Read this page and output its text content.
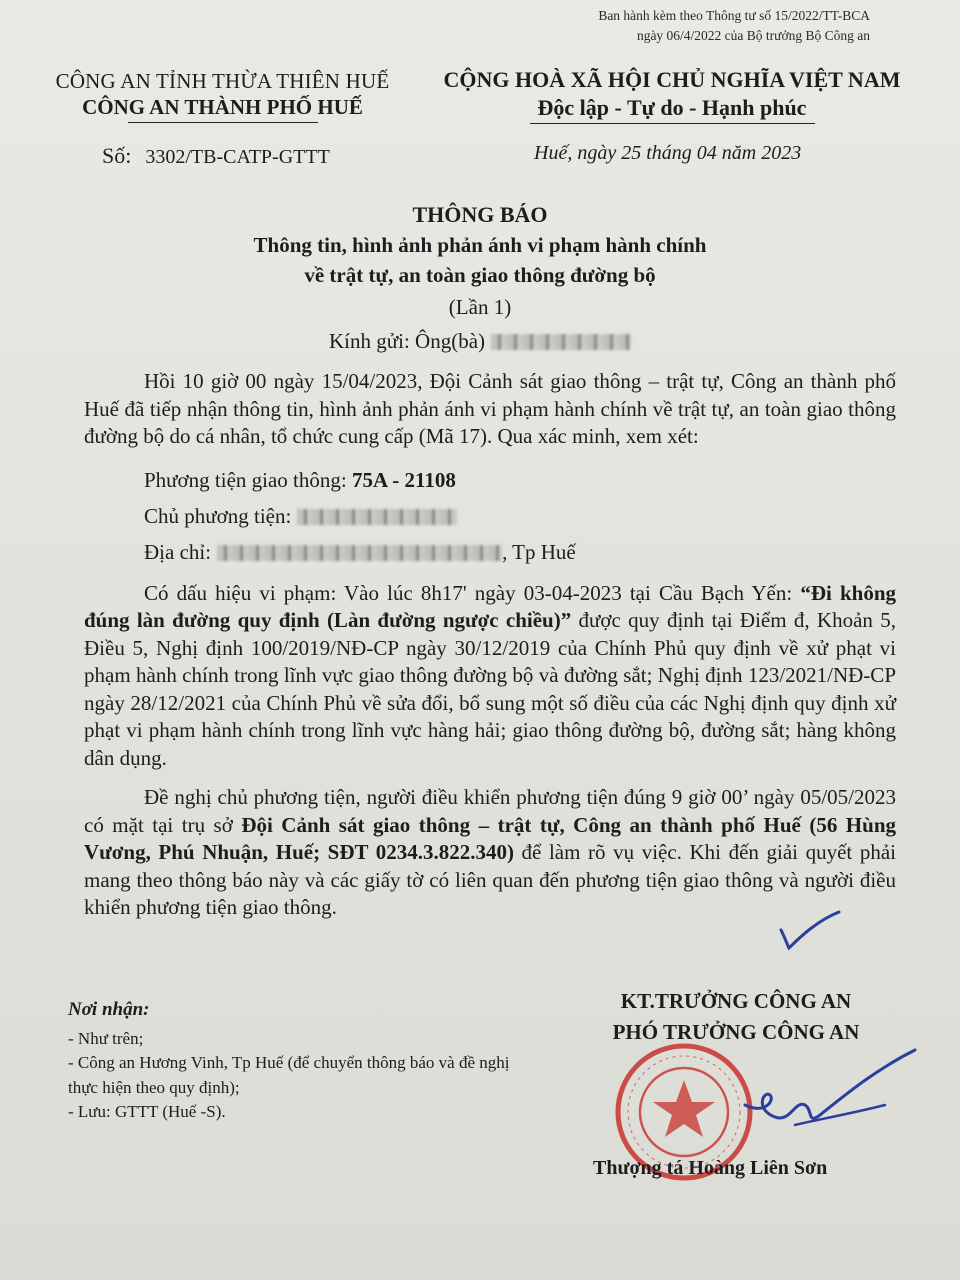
Ban hành kèm theo Thông tư số 15/2022/TT-BCA
ngày 06/4/2022 của Bộ trưởng Bộ Công an
CÔNG AN TỈNH THỪA THIÊN HUẾ
CÔNG AN THÀNH PHỐ HUẾ
CỘNG HOÀ XÃ HỘI CHỦ NGHĨA VIỆT NAM
Độc lập - Tự do - Hạnh phúc
Số: 3302/TB-CATP-GTTT	Huế, ngày 25 tháng 04 năm 2023
THÔNG BÁO
Thông tin, hình ảnh phản ánh vi phạm hành chính
về trật tự, an toàn giao thông đường bộ
(Lần 1)
Kính gửi: Ông(bà)

Hồi 10 giờ 00 ngày 15/04/2023, Đội Cảnh sát giao thông – trật tự, Công an thành phố Huế đã tiếp nhận thông tin, hình ảnh phản ánh vi phạm hành chính về trật tự, an toàn giao thông đường bộ do cá nhân, tổ chức cung cấp (Mã 17). Qua xác minh, xem xét:

Phương tiện giao thông: 75A - 21108

Chủ phương tiện:

Địa chỉ:	, Tp Huế

Có dấu hiệu vi phạm: Vào lúc 8h17' ngày 03-04-2023 tại Cầu Bạch Yến: “Đi không đúng làn đường quy định (Làn đường ngược chiều)” được quy định tại Điểm đ, Khoản 5, Điều 5, Nghị định 100/2019/NĐ-CP ngày 30/12/2019 của Chính Phủ quy định về xử phạt vi phạm hành chính trong lĩnh vực giao thông đường bộ và đường sắt; Nghị định 123/2021/NĐ-CP ngày 28/12/2021 của Chính Phủ về sửa đổi, bổ sung một số điều của các Nghị định quy định xử phạt vi phạm hành chính trong lĩnh vực hàng hải; giao thông đường bộ, đường sắt; hàng không dân dụng.

Đề nghị chủ phương tiện, người điều khiển phương tiện đúng 9 giờ 00’ ngày 05/05/2023 có mặt tại trụ sở Đội Cảnh sát giao thông – trật tự, Công an thành phố Huế (56 Hùng Vương, Phú Nhuận, Huế; SĐT 0234.3.822.340) để làm rõ vụ việc. Khi đến giải quyết phải mang theo thông báo này và các giấy tờ có liên quan đến phương tiện giao thông và người điều khiển phương tiện giao thông.

Nơi nhận:
- Như trên;
- Công an Hương Vinh, Tp Huế (để chuyển thông báo và đề nghị thực hiện theo quy định);
- Lưu: GTTT (Huế -S).
KT.TRƯỞNG CÔNG AN
PHÓ TRƯỞNG CÔNG AN
Thượng tá Hoàng Liên Sơn
